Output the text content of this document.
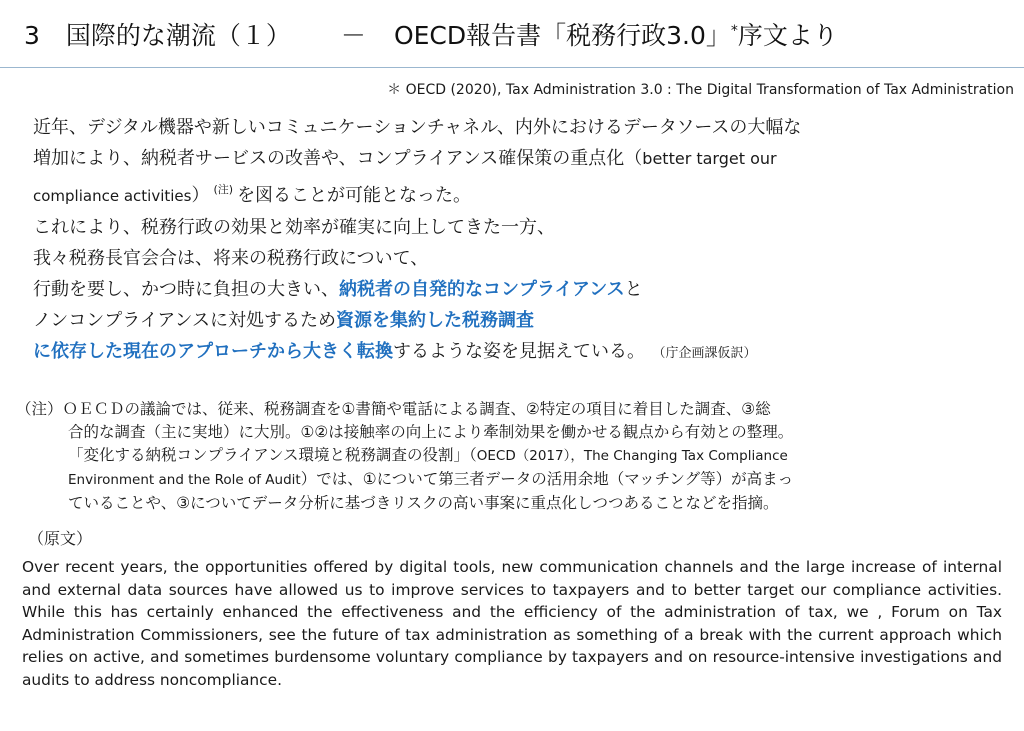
3 国際的な潮流（１） － OECD報告書「税務行政3.0」*序文より
＊ OECD (2020), Tax Administration 3.0 : The Digital Transformation of Tax Administration
近年、デジタル機器や新しいコミュニケーションチャネル、内外におけるデータソースの大幅な
増加により、納税者サービスの改善や、コンプライアンス確保策の重点化（better target our
compliance activities） $^{(注)}$ を図ることが可能となった。
これにより、税務行政の効果と効率が確実に向上してきた一方、
我々税務長官会合は、将来の税務行政について、
行動を要し、かつ時に負担の大きい、納税者の自発的なコンプライアンスと
ノンコンプライアンスに対処するため資源を集約した税務調査
に依存した現在のアプローチから大きく転換するような姿を見据えている。 （庁企画課仮訳）
（注）ＯＥＣＤの議論では、従来、税務調査を①書簡や電話による調査、②特定の項目に着目した調査、③総
合的な調査（主に実地）に大別。①②は接触率の向上により牽制効果を働かせる観点から有効との整理。
「変化する納税コンプライアンス環境と税務調査の役割」（OECD（2017），The Changing Tax Compliance
Environment and the Role of Audit）では、①について第三者データの活用余地（マッチング等）が高まっ
ていることや、③についてデータ分析に基づきリスクの高い事案に重点化しつつあることなどを指摘。
（原文）
Over recent years, the opportunities offered by digital tools, new communication channels and the large increase of internal and external data sources have allowed us to improve services to taxpayers and to better target our compliance activities. While this has certainly enhanced the effectiveness and the efficiency of the administration of tax, we , Forum on Tax Administration Commissioners, see the future of tax administration as something of a break with the current approach which relies on active, and sometimes burdensome voluntary compliance by taxpayers and on resource-intensive investigations and audits to address noncompliance.
